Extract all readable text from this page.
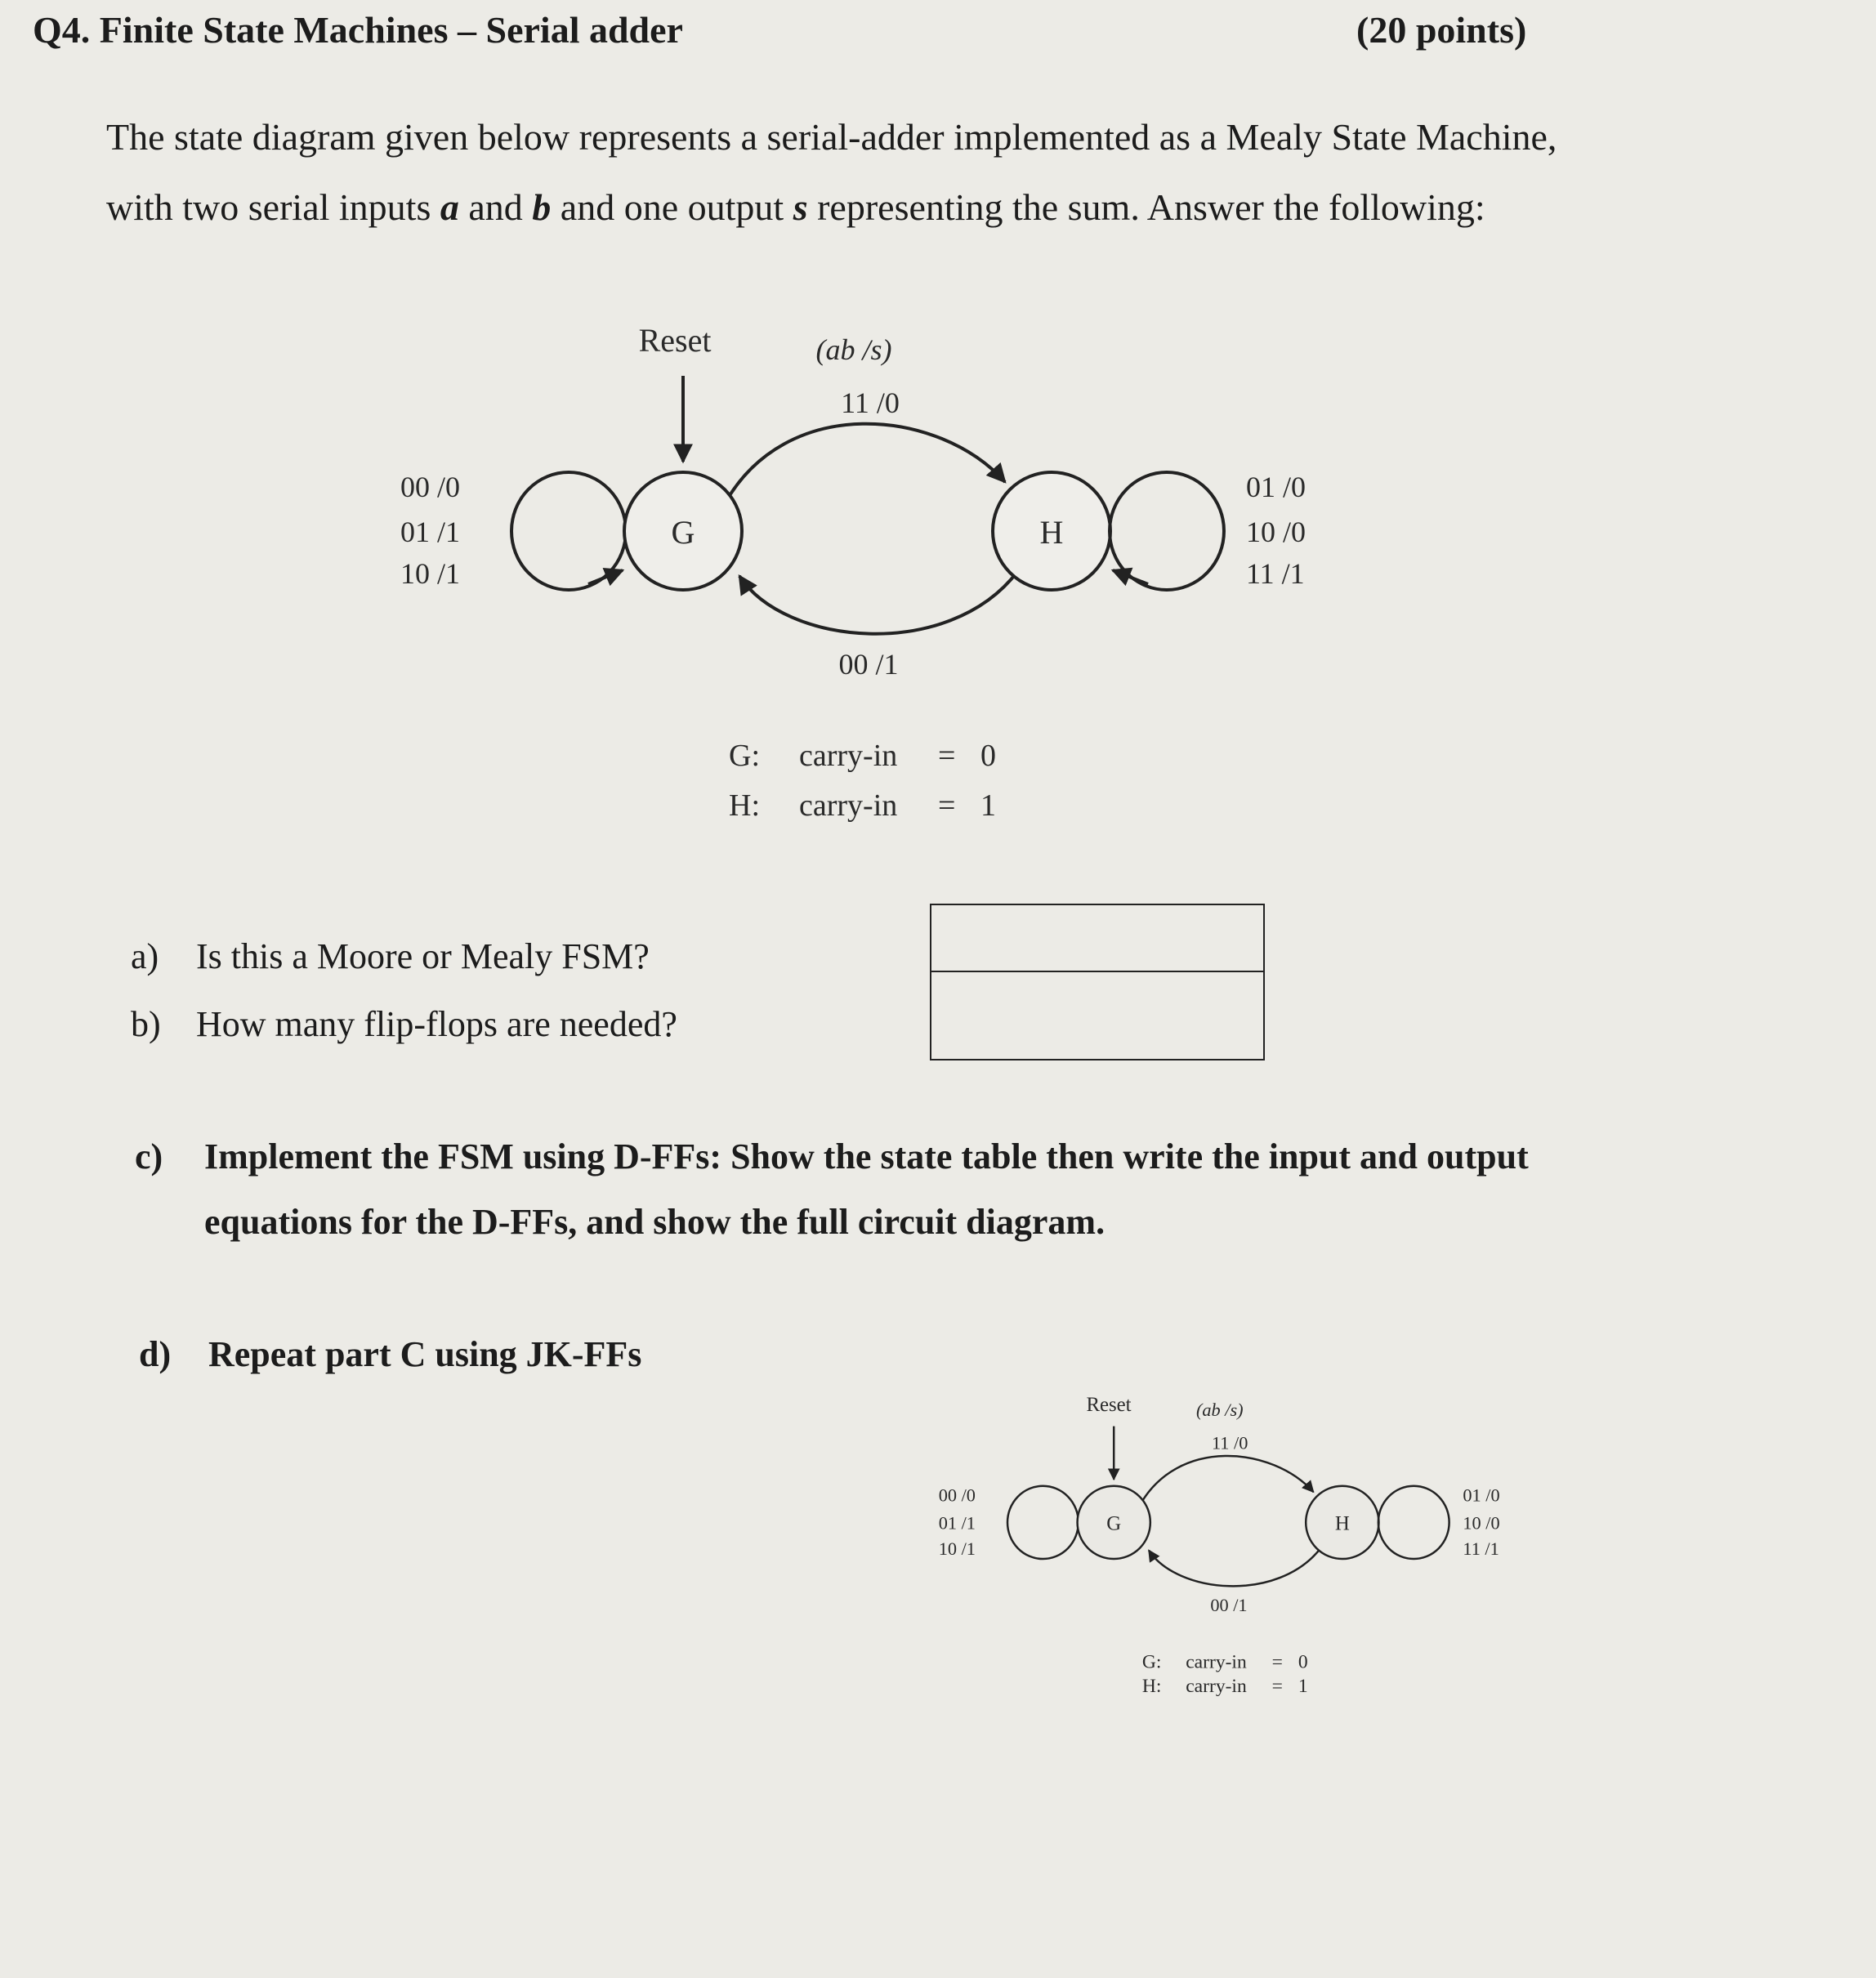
Q4. Finite State Machines – Serial adder	(20 points)
The state diagram given below represents a serial-adder implemented as a Mealy State Machine, with two serial inputs a and b and one output s representing the sum. Answer the following:
Reset	(ab /s)
11 /0
G	H
00 /0
01 /1
10 /1
01 /0
10 /0
11 /1
00 /1
G: carry-in = 0
H: carry-in = 1
Reset (ab /s)
11 /0
G	H
00 /0
01 /1
10 /1
01 /0
10 /0
11 /1
00 /1
G: carry-in = 0
H: carry-in = 1
a) Is this a Moore or Mealy FSM?
b) How many flip-flops are needed?
c) Implement the FSM using D-FFs: Show the state table then write the input and output
equations for the D-FFs, and show the full circuit diagram.
d) Repeat part C using JK-FFs
